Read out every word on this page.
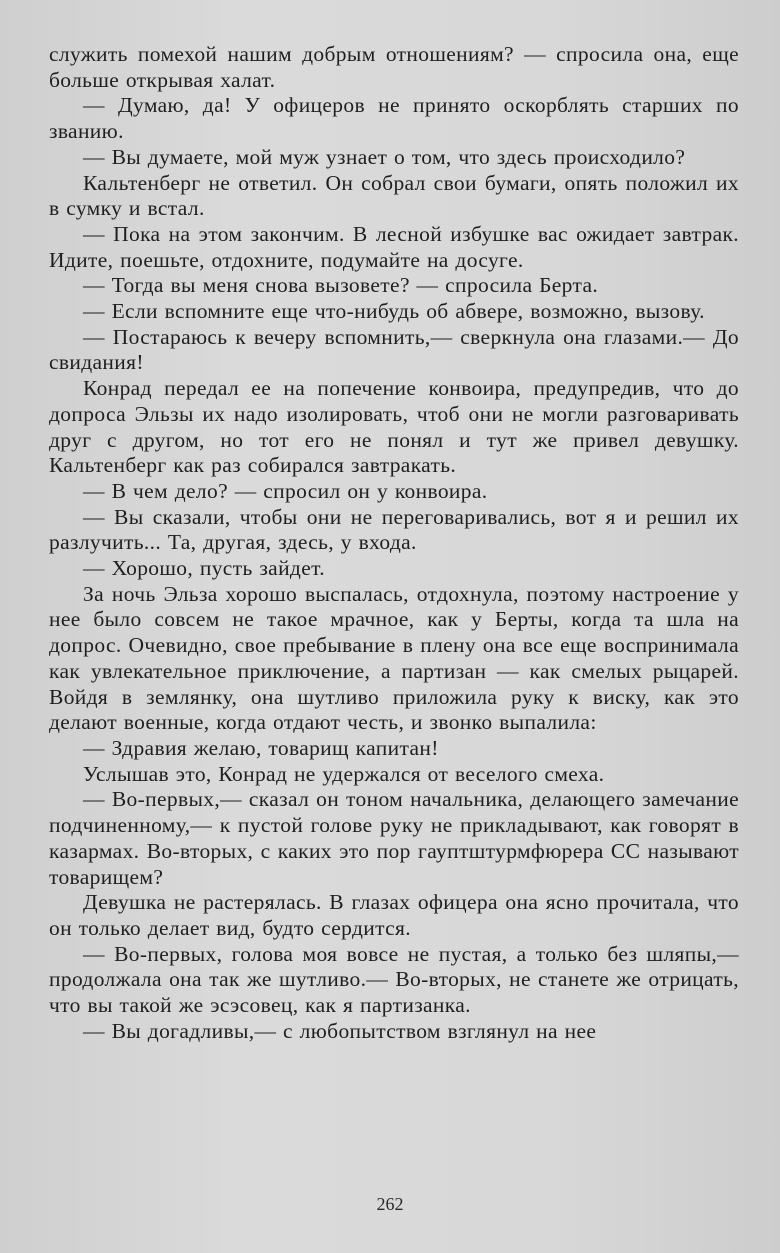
служить помехой нашим добрым отношениям? — спросила она, еще больше открывая халат.

— Думаю, да! У офицеров не принято оскорблять старших по званию.

— Вы думаете, мой муж узнает о том, что здесь происходило?

Кальтенберг не ответил. Он собрал свои бумаги, опять положил их в сумку и встал.

— Пока на этом закончим. В лесной избушке вас ожидает завтрак. Идите, поешьте, отдохните, подумайте на досуге.

— Тогда вы меня снова вызовете? — спросила Берта.

— Если вспомните еще что-нибудь об абвере, возможно, вызову.

— Постараюсь к вечеру вспомнить,— сверкнула она глазами.— До свидания!

Конрад передал ее на попечение конвоира, предупредив, что до допроса Эльзы их надо изолировать, чтоб они не могли разговаривать друг с другом, но тот его не понял и тут же привел девушку. Кальтенберг как раз собирался завтракать.

— В чем дело? — спросил он у конвоира.

— Вы сказали, чтобы они не переговаривались, вот я и решил их разлучить... Та, другая, здесь, у входа.

— Хорошо, пусть зайдет.

За ночь Эльза хорошо выспалась, отдохнула, поэтому настроение у нее было совсем не такое мрачное, как у Берты, когда та шла на допрос. Очевидно, свое пребывание в плену она все еще воспринимала как увлекательное приключение, а партизан — как смелых рыцарей. Войдя в землянку, она шутливо приложила руку к виску, как это делают военные, когда отдают честь, и звонко выпалила:

— Здравия желаю, товарищ капитан!

Услышав это, Конрад не удержался от веселого смеха.

— Во-первых,— сказал он тоном начальника, делающего замечание подчиненному,— к пустой голове руку не прикладывают, как говорят в казармах. Во-вторых, с каких это пор гауптштурмфюрера СС называют товарищем?

Девушка не растерялась. В глазах офицера она ясно прочитала, что он только делает вид, будто сердится.

— Во-первых, голова моя вовсе не пустая, а только без шляпы,— продолжала она так же шутливо.— Во-вторых, не станете же отрицать, что вы такой же эсэсовец, как я партизанка.

— Вы догадливы,— с любопытством взглянул на нее

262
